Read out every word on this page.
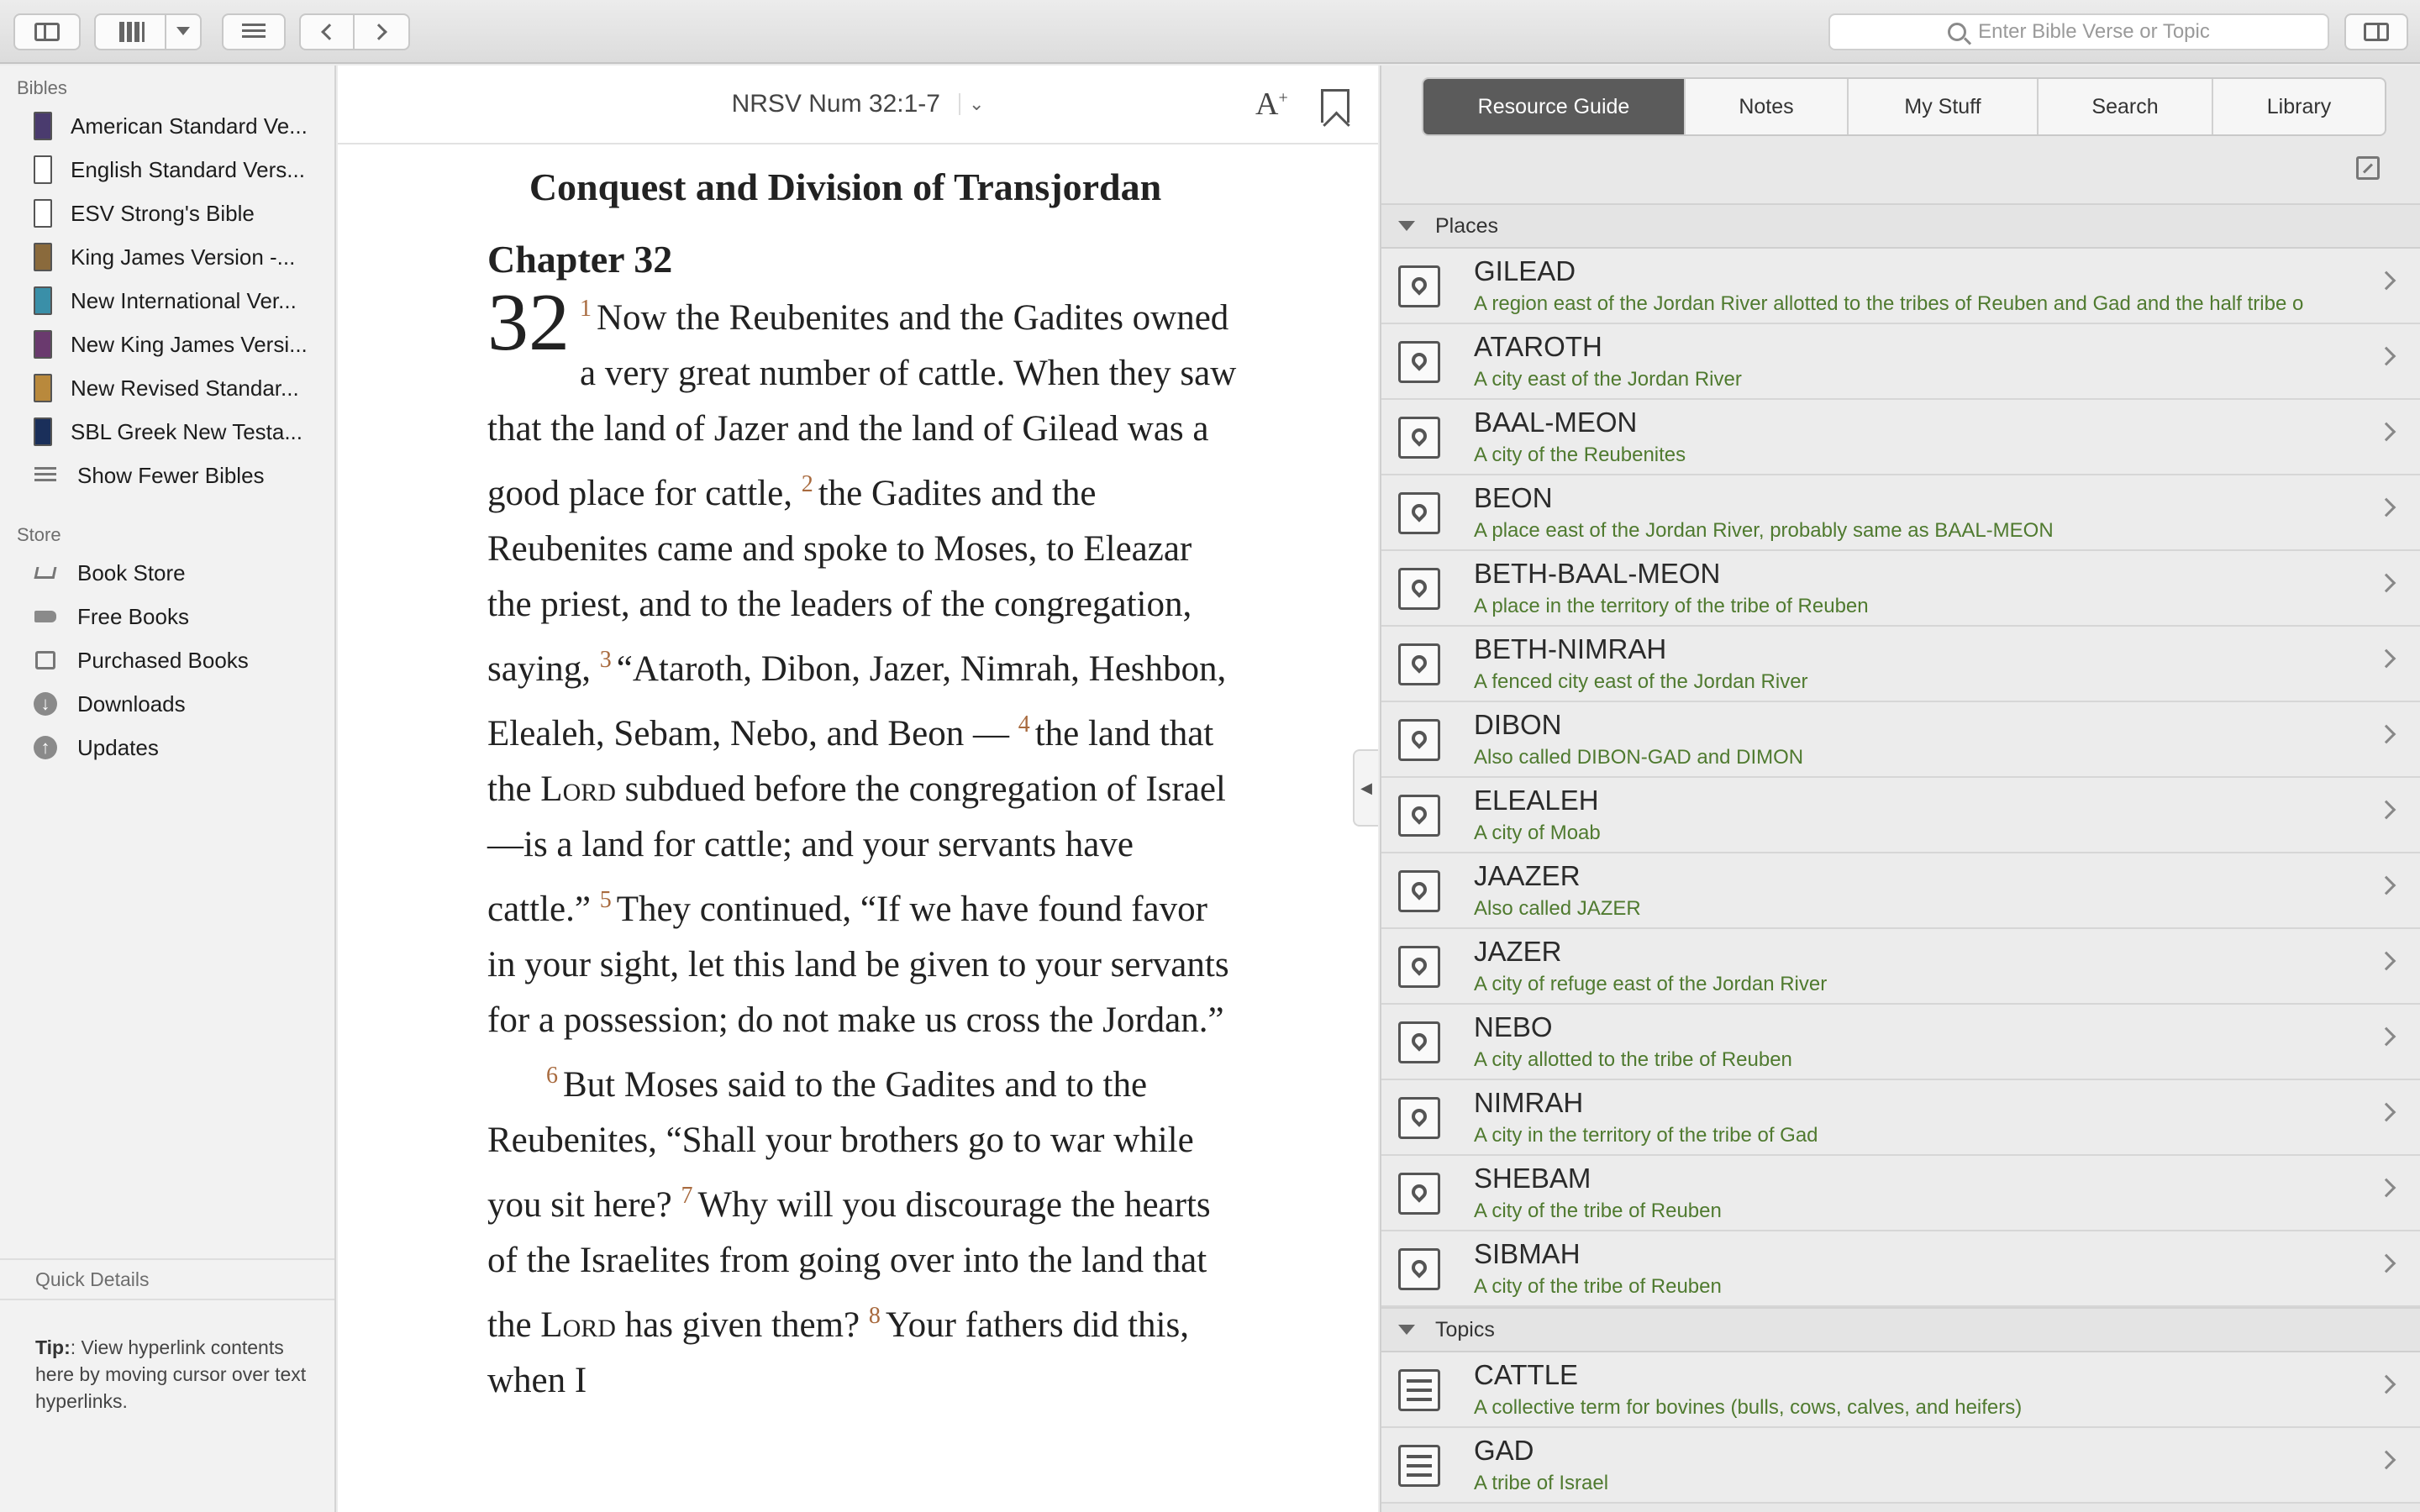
Enter Bible Verse or Topic
Bibles
American Standard Ve...
English Standard Vers...
ESV Strong's Bible
King James Version -...
New International Ver...
New King James Versi...
New Revised Standar...
SBL Greek New Testa...
Show Fewer Bibles
Store
Book Store
Free Books
Purchased Books
↓	Downloads
↑	Updates
Quick Details
Tip:: View hyperlink contents here by moving cursor over text hyperlinks.
NRSV Num 32:1-7	⌄	A+
Conquest and Division of Transjordan
Chapter 32
32 $^1$ Now the Reubenites and the Gadites owned a very great number of cattle. When they saw that the land of Jazer and the land of Gilead was a good place for cattle, $^2$ the Gadites and the Reubenites came and spoke to Moses, to Eleazar the priest, and to the leaders of the congregation, saying, $^3$ “Ataroth, Dibon, Jazer, Nimrah, Heshbon, Elealeh, Sebam, Nebo, and Beon — $^4$ the land that the Lord subdued before the congregation of Israel—is a land for cattle; and your servants have cattle.” $^5$ They continued, “If we have found favor in your sight, let this land be given to your servants for a possession; do not make us cross the Jordan.”
$^6$ But Moses said to the Gadites and to the Reubenites, “Shall your brothers go to war while you sit here? $^7$ Why will you discourage the hearts of the Israelites from going over into the land that the Lord has given them? $^8$ Your fathers did this, when I
◀
Resource Guide	Notes	My Stuff	Search	Library
Places
GILEAD
A region east of the Jordan River allotted to the tribes of Reuben and Gad and the half tribe o
ATAROTH
A city east of the Jordan River
BAAL-MEON
A city of the Reubenites
BEON
A place east of the Jordan River, probably same as BAAL-MEON
BETH-BAAL-MEON
A place in the territory of the tribe of Reuben
BETH-NIMRAH
A fenced city east of the Jordan River
DIBON
Also called DIBON-GAD and DIMON
ELEALEH
A city of Moab
JAAZER
Also called JAZER
JAZER
A city of refuge east of the Jordan River
NEBO
A city allotted to the tribe of Reuben
NIMRAH
A city in the territory of the tribe of Gad
SHEBAM
A city of the tribe of Reuben
SIBMAH
A city of the tribe of Reuben
Topics
CATTLE
A collective term for bovines (bulls, cows, calves, and heifers)
GAD
A tribe of Israel
